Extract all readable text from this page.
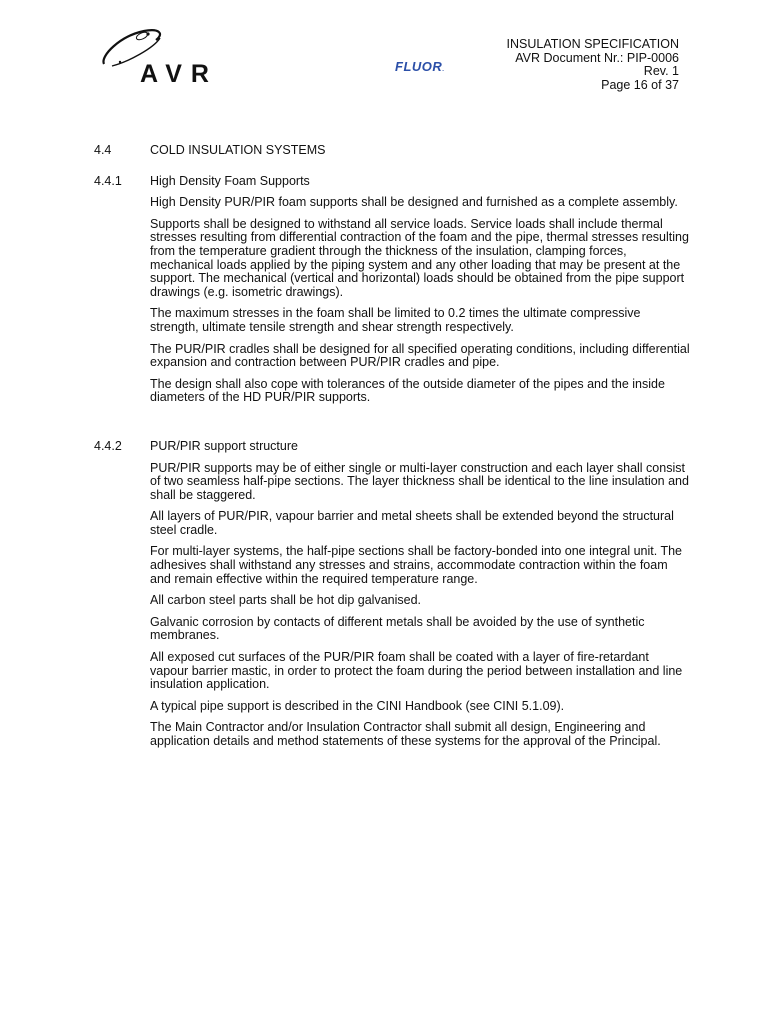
AVR	FLUOR.
INSULATION SPECIFICATION
AVR Document Nr.: PIP-0006
Rev. 1
Page 16 of 37
4.4	COLD INSULATION SYSTEMS
4.4.1	High Density Foam Supports
High Density PUR/PIR foam supports shall be designed and furnished as a complete assembly.
Supports shall be designed to withstand all service loads. Service loads shall include thermal stresses resulting from differential contraction of the foam and the pipe, thermal stresses resulting from the temperature gradient through the thickness of the insulation, clamping forces, mechanical loads applied by the piping system and any other loading that may be present at the support. The mechanical (vertical and horizontal) loads should be obtained from the pipe support drawings (e.g. isometric drawings).
The maximum stresses in the foam shall be limited to 0.2 times the ultimate compressive strength, ultimate tensile strength and shear strength respectively.
The PUR/PIR cradles shall be designed for all specified operating conditions, including differential expansion and contraction between PUR/PIR cradles and pipe.
The design shall also cope with tolerances of the outside diameter of the pipes and the inside diameters of the HD PUR/PIR supports.
4.4.2	PUR/PIR support structure
PUR/PIR supports may be of either single or multi-layer construction and each layer shall consist of two seamless half-pipe sections. The layer thickness shall be identical to the line insulation and shall be staggered.
All layers of PUR/PIR, vapour barrier and metal sheets shall be extended beyond the structural steel cradle.
For multi-layer systems, the half-pipe sections shall be factory-bonded into one integral unit. The adhesives shall withstand any stresses and strains, accommodate contraction within the foam and remain effective within the required temperature range.
All carbon steel parts shall be hot dip galvanised.
Galvanic corrosion by contacts of different metals shall be avoided by the use of synthetic membranes.
All exposed cut surfaces of the PUR/PIR foam shall be coated with a layer of fire-retardant vapour barrier mastic, in order to protect the foam during the period between installation and line insulation application.
A typical pipe support is described in the CINI Handbook (see CINI 5.1.09).
The Main Contractor and/or Insulation Contractor shall submit all design, Engineering and application details and method statements of these systems for the approval of the Principal.
